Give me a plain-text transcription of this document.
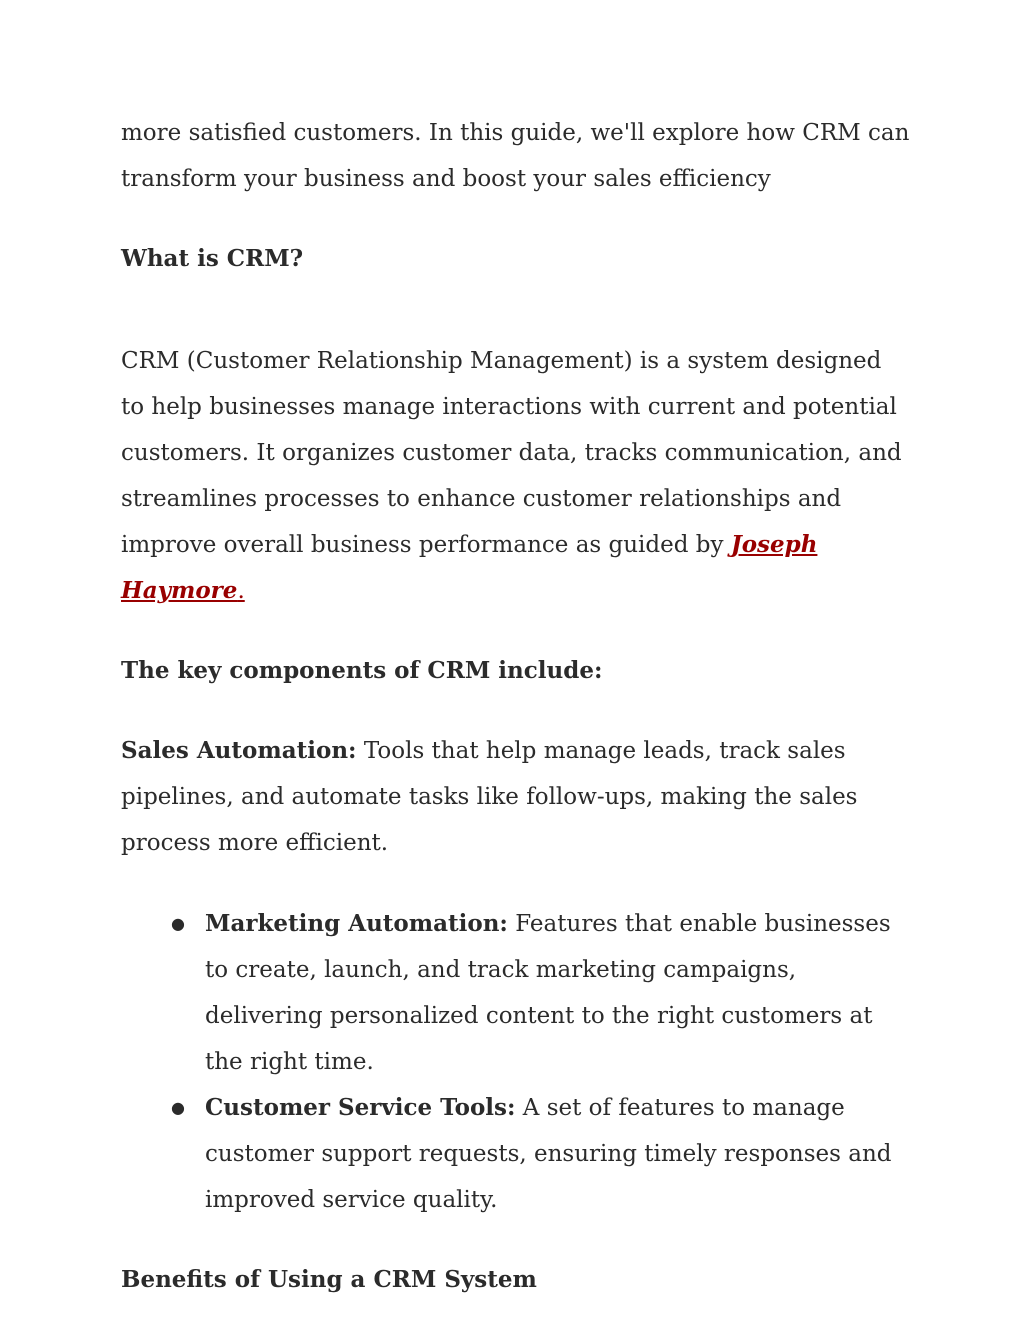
more satisfied customers. In this guide, we'll explore how CRM can transform your business and boost your sales efficiency

What is CRM?

CRM (Customer Relationship Management) is a system designed to help businesses manage interactions with current and potential customers. It organizes customer data, tracks communication, and streamlines processes to enhance customer relationships and improve overall business performance as guided by Joseph Haymore.

The key components of CRM include:

Sales Automation: Tools that help manage leads, track sales pipelines, and automate tasks like follow-ups, making the sales process more efficient.

● Marketing Automation: Features that enable businesses to create, launch, and track marketing campaigns, delivering personalized content to the right customers at the right time.
● Customer Service Tools: A set of features to manage customer support requests, ensuring timely responses and improved service quality.
Benefits of Using a CRM System
